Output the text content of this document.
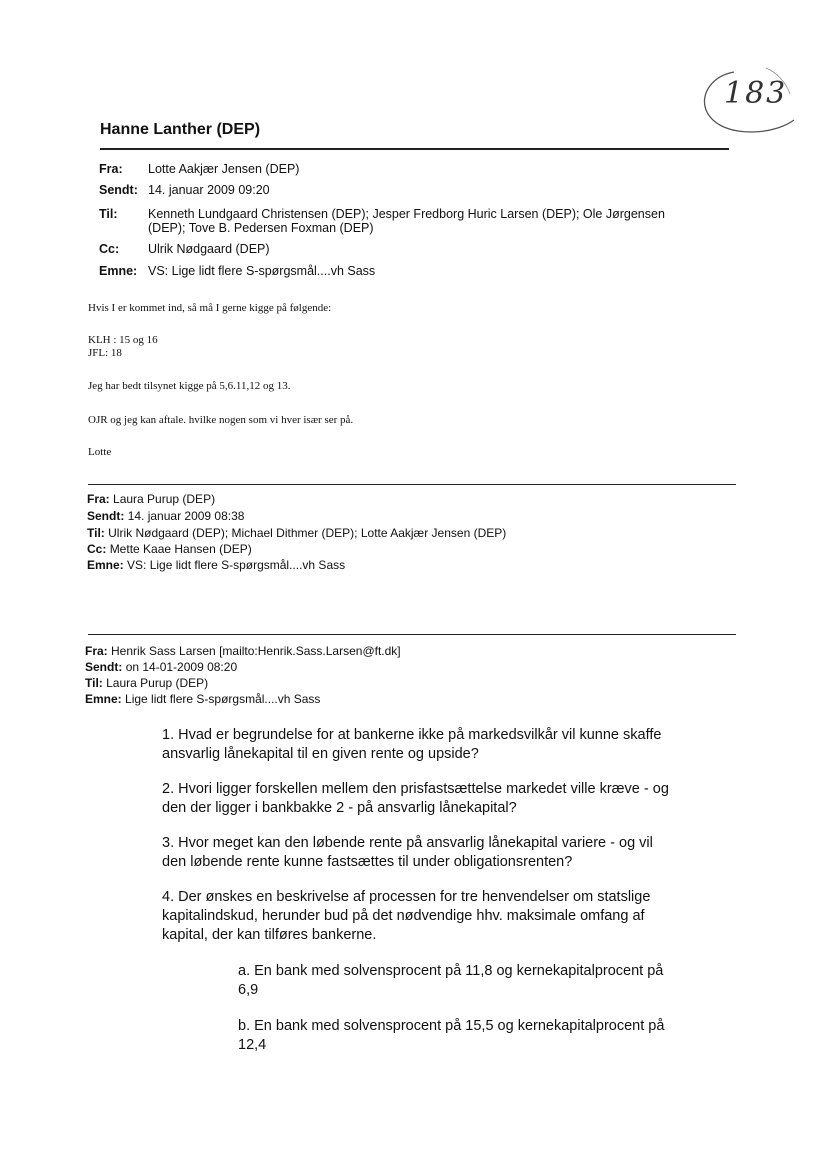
183
Hanne Lanther (DEP)
Fra: Lotte Aakjær Jensen (DEP)
Sendt: 14. januar 2009 09:20
Til: Kenneth Lundgaard Christensen (DEP); Jesper Fredborg Huric Larsen (DEP); Ole Jørgensen
(DEP); Tove B. Pedersen Foxman (DEP)
Cc: Ulrik Nødgaard (DEP)
Emne: VS: Lige lidt flere S-spørgsmål....vh Sass
Hvis I er kommet ind, så må I gerne kigge på følgende:
KLH : 15 og 16
JFL: 18
Jeg har bedt tilsynet kigge på 5,6.11,12 og 13.
OJR og jeg kan aftale. hvilke nogen som vi hver især ser på.
Lotte
Fra: Laura Purup (DEP)
Sendt: 14. januar 2009 08:38
Til: Ulrik Nødgaard (DEP); Michael Dithmer (DEP); Lotte Aakjær Jensen (DEP)
Cc: Mette Kaae Hansen (DEP)
Emne: VS: Lige lidt flere S-spørgsmål....vh Sass
Fra: Henrik Sass Larsen [mailto:Henrik.Sass.Larsen@ft.dk]
Sendt: on 14-01-2009 08:20
Til: Laura Purup (DEP)
Emne: Lige lidt flere S-spørgsmål....vh Sass
1. Hvad er begrundelse for at bankerne ikke på markedsvilkår vil kunne skaffe
ansvarlig lånekapital til en given rente og upside?
2. Hvori ligger forskellen mellem den prisfastsættelse markedet ville kræve - og
den der ligger i bankbakke 2 - på ansvarlig lånekapital?
3. Hvor meget kan den løbende rente på ansvarlig lånekapital variere - og vil
den løbende rente kunne fastsættes til under obligationsrenten?
4. Der ønskes en beskrivelse af processen for tre henvendelser om statslige
kapitalindskud, herunder bud på det nødvendige hhv. maksimale omfang af
kapital, der kan tilføres bankerne.
a. En bank med solvensprocent på 11,8 og kernekapitalprocent på
6,9
b. En bank med solvensprocent på 15,5 og kernekapitalprocent på
12,4
